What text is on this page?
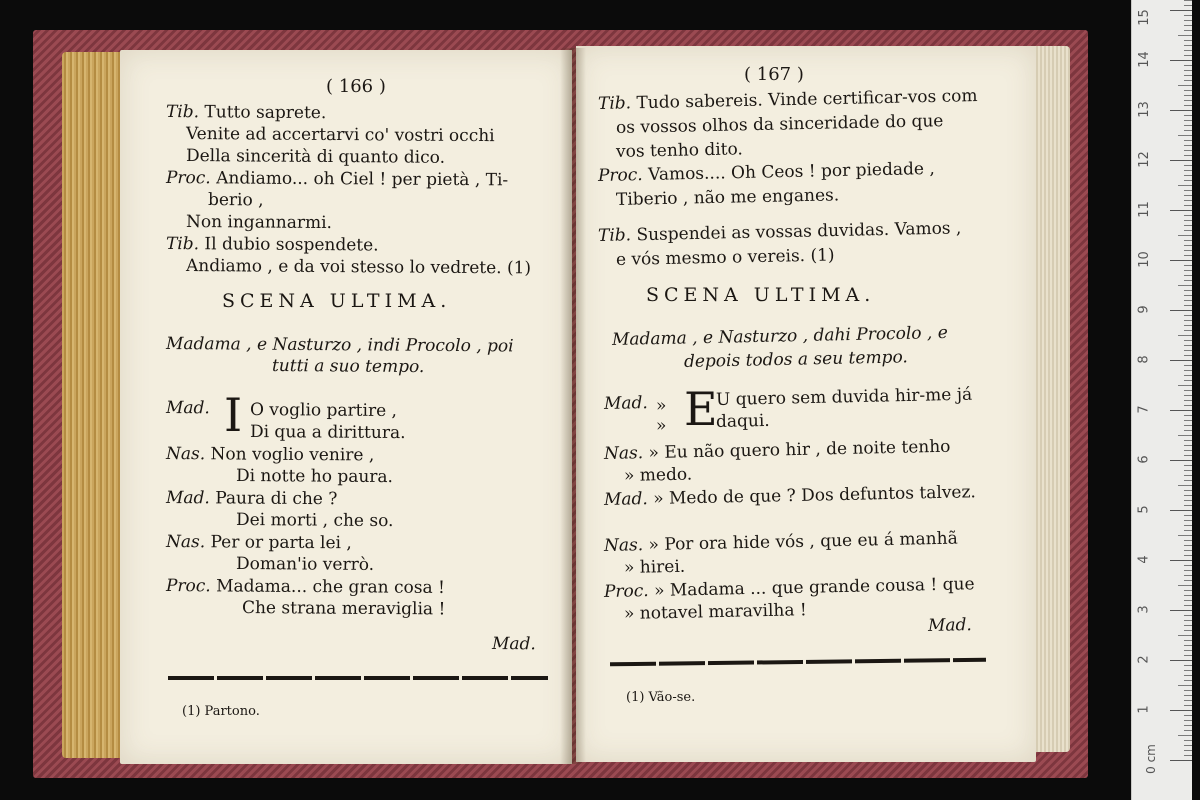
( 166 )
Tib. Tutto saprete.
Venite ad accertarvi co' vostri occhi
Della sincerità di quanto dico.
Proc. Andiamo... oh Ciel ! per pietà , Ti-
berio ,
Non ingannarmi.
Tib. Il dubio sospendete.
Andiamo , e da voi stesso lo vedrete. (1)
SCENA ULTIMA.
Madama , e Nasturzo , indi Procolo , poi
tutti a suo tempo.
Mad. I O voglio partire ,
Di qua a dirittura.
Nas. Non voglio venire ,
Di notte ho paura.
Mad. Paura di che ?
Dei morti , che so.
Nas. Per or parta lei ,
Doman'io verrò.
Proc. Madama... che gran cosa !
Che strana meraviglia !
Mad.
(1) Partono.
( 167 )
Tib. Tudo sabereis. Vinde certificar-vos com
os vossos olhos da sinceridade do que
vos tenho dito.
Proc. Vamos.... Oh Ceos ! por piedade ,
Tiberio , não me enganes.
Tib. Suspendei as vossas duvidas. Vamos ,
e vós mesmo o vereis. (1)
SCENA ULTIMA.
Madama , e Nasturzo , dahi Procolo , e
depois todos a seu tempo.
Mad. » E
U quero sem duvida hir-me já
»	daqui.
Nas. » Eu não quero hir , de noite tenho
» medo.
Mad. » Medo de que ? Dos defuntos talvez.
Nas. » Por ora hide vós , que eu á manhã
» hirei.
Proc. » Madama ... que grande cousa ! que
» notavel maravilha !
Mad.
(1) Vão-se.
1
2
3
4
5
6
7
8
9
10
11
12
13
14
15
0 cm
